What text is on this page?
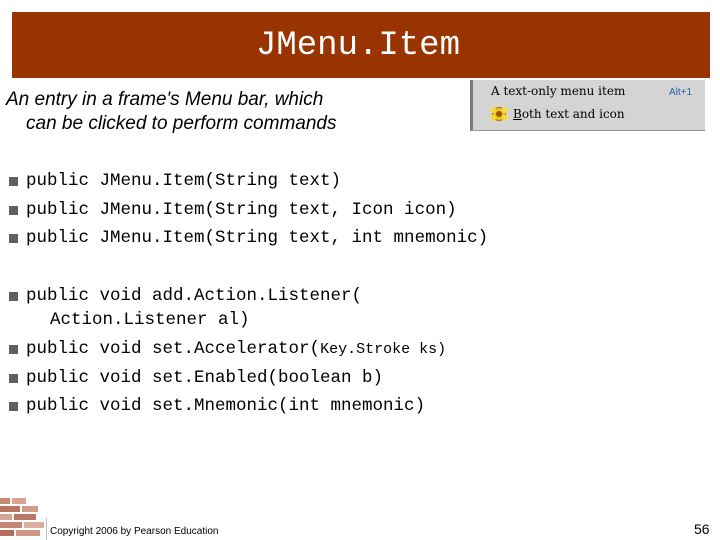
JMenu.Item
An entry in a frame's Menu bar, which
can be clicked to perform commands
A text-only menu item	Alt+1
B oth text and icon
public JMenu.Item(String text)
public JMenu.Item(String text, Icon icon)
public JMenu.Item(String text, int mnemonic)
public void add.Action.Listener(
Action.Listener al)
public void set.Accelerator(Key.Stroke ks)
public void set.Enabled(boolean b)
public void set.Mnemonic(int mnemonic)
Copyright 2006 by Pearson Education	56
